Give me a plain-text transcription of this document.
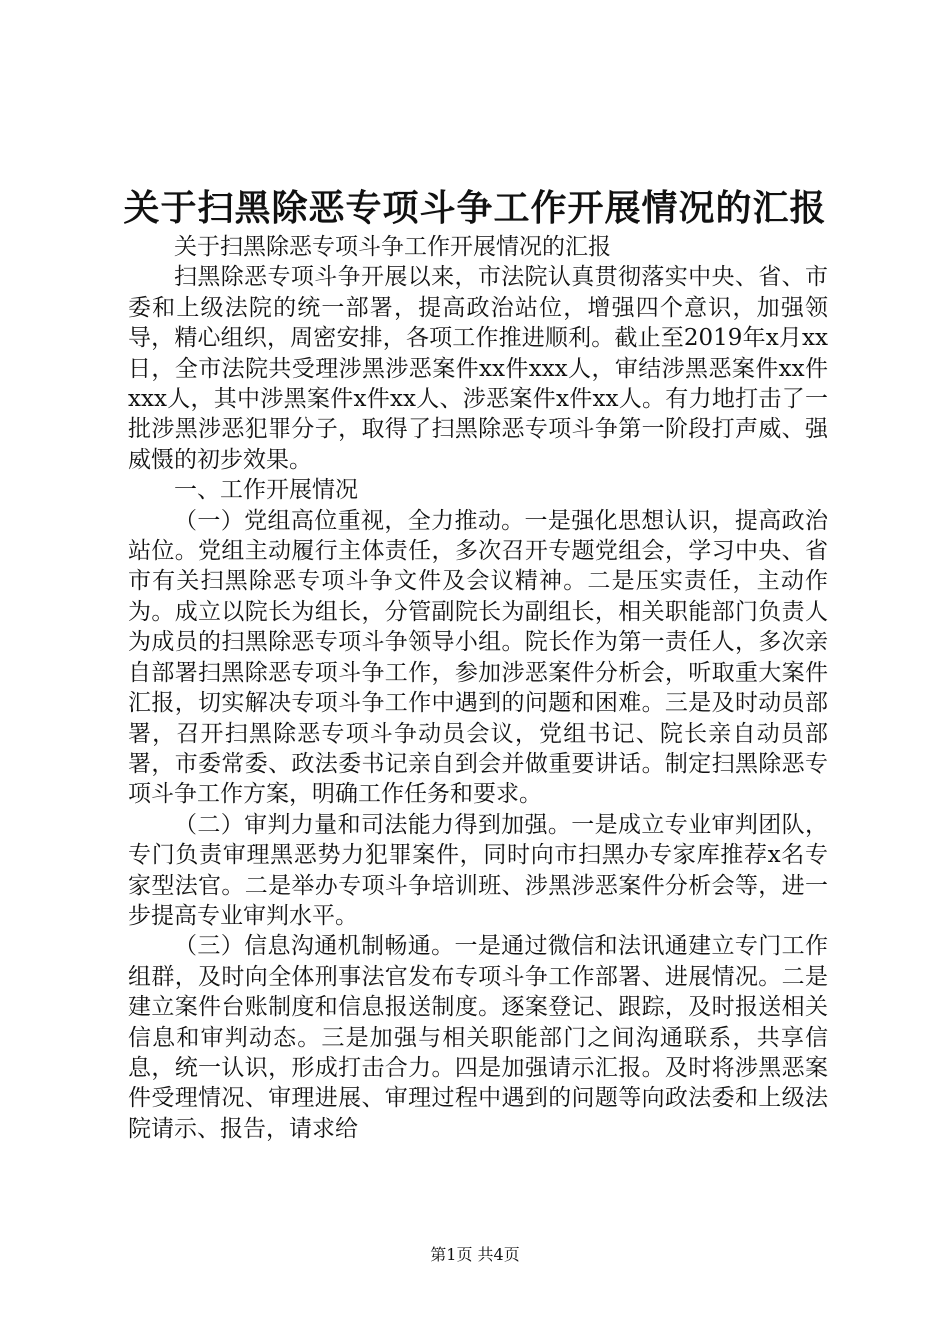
关于扫黑除恶专项斗争工作开展情况的汇报

关于扫黑除恶专项斗争工作开展情况的汇报

扫黑除恶专项斗争开展以来，市法院认真贯彻落实中央、省、市委和上级法院的统一部署，提高政治站位，增强四个意识，加强领导，精心组织，周密安排，各项工作推进顺利。截止至2019年x月xx日，全市法院共受理涉黑涉恶案件xx件xxx人，审结涉黑恶案件xx件xxx人，其中涉黑案件x件xx人、涉恶案件x件xx人。有力地打击了一批涉黑涉恶犯罪分子，取得了扫黑除恶专项斗争第一阶段打声威、强威慑的初步效果。

一、工作开展情况

（一）党组高位重视，全力推动。一是强化思想认识，提高政治站位。党组主动履行主体责任，多次召开专题党组会，学习中央、省市有关扫黑除恶专项斗争文件及会议精神。二是压实责任，主动作为。成立以院长为组长，分管副院长为副组长，相关职能部门负责人为成员的扫黑除恶专项斗争领导小组。院长作为第一责任人，多次亲自部署扫黑除恶专项斗争工作，参加涉恶案件分析会，听取重大案件汇报，切实解决专项斗争工作中遇到的问题和困难。三是及时动员部署，召开扫黑除恶专项斗争动员会议，党组书记、院长亲自动员部署，市委常委、政法委书记亲自到会并做重要讲话。制定扫黑除恶专项斗争工作方案，明确工作任务和要求。

（二）审判力量和司法能力得到加强。一是成立专业审判团队，专门负责审理黑恶势力犯罪案件，同时向市扫黑办专家库推荐x名专家型法官。二是举办专项斗争培训班、涉黑涉恶案件分析会等，进一步提高专业审判水平。

（三）信息沟通机制畅通。一是通过微信和法讯通建立专门工作组群，及时向全体刑事法官发布专项斗争工作部署、进展情况。二是建立案件台账制度和信息报送制度。逐案登记、跟踪，及时报送相关信息和审判动态。三是加强与相关职能部门之间沟通联系，共享信息，统一认识，形成打击合力。四是加强请示汇报。及时将涉黑恶案件受理情况、审理进展、审理过程中遇到的问题等向政法委和上级法院请示、报告，请求给

第1页 共4页
